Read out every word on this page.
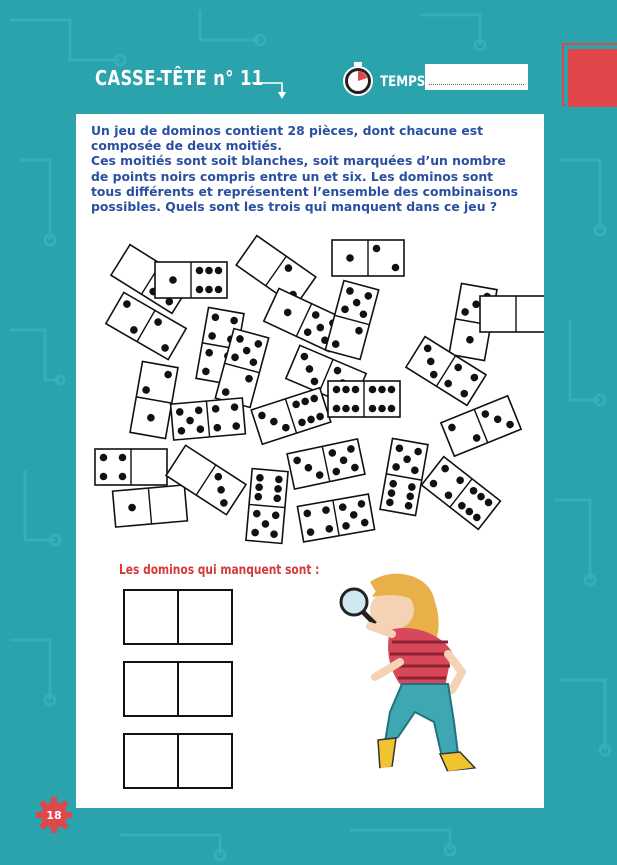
CASSE-TÊTE n° 11	TEMPS

Un jeu de dominos contient 28 pièces, dont chacune est composée de deux moitiés.

Ces moitiés sont soit blanches, soit marquées d’un nombre de points noirs compris entre un et six. Les dominos sont tous différents et représentent l’ensemble des combinaisons possibles. Quels sont les trois qui manquent dans ce jeu ?

Les dominos qui manquent sont :
18
